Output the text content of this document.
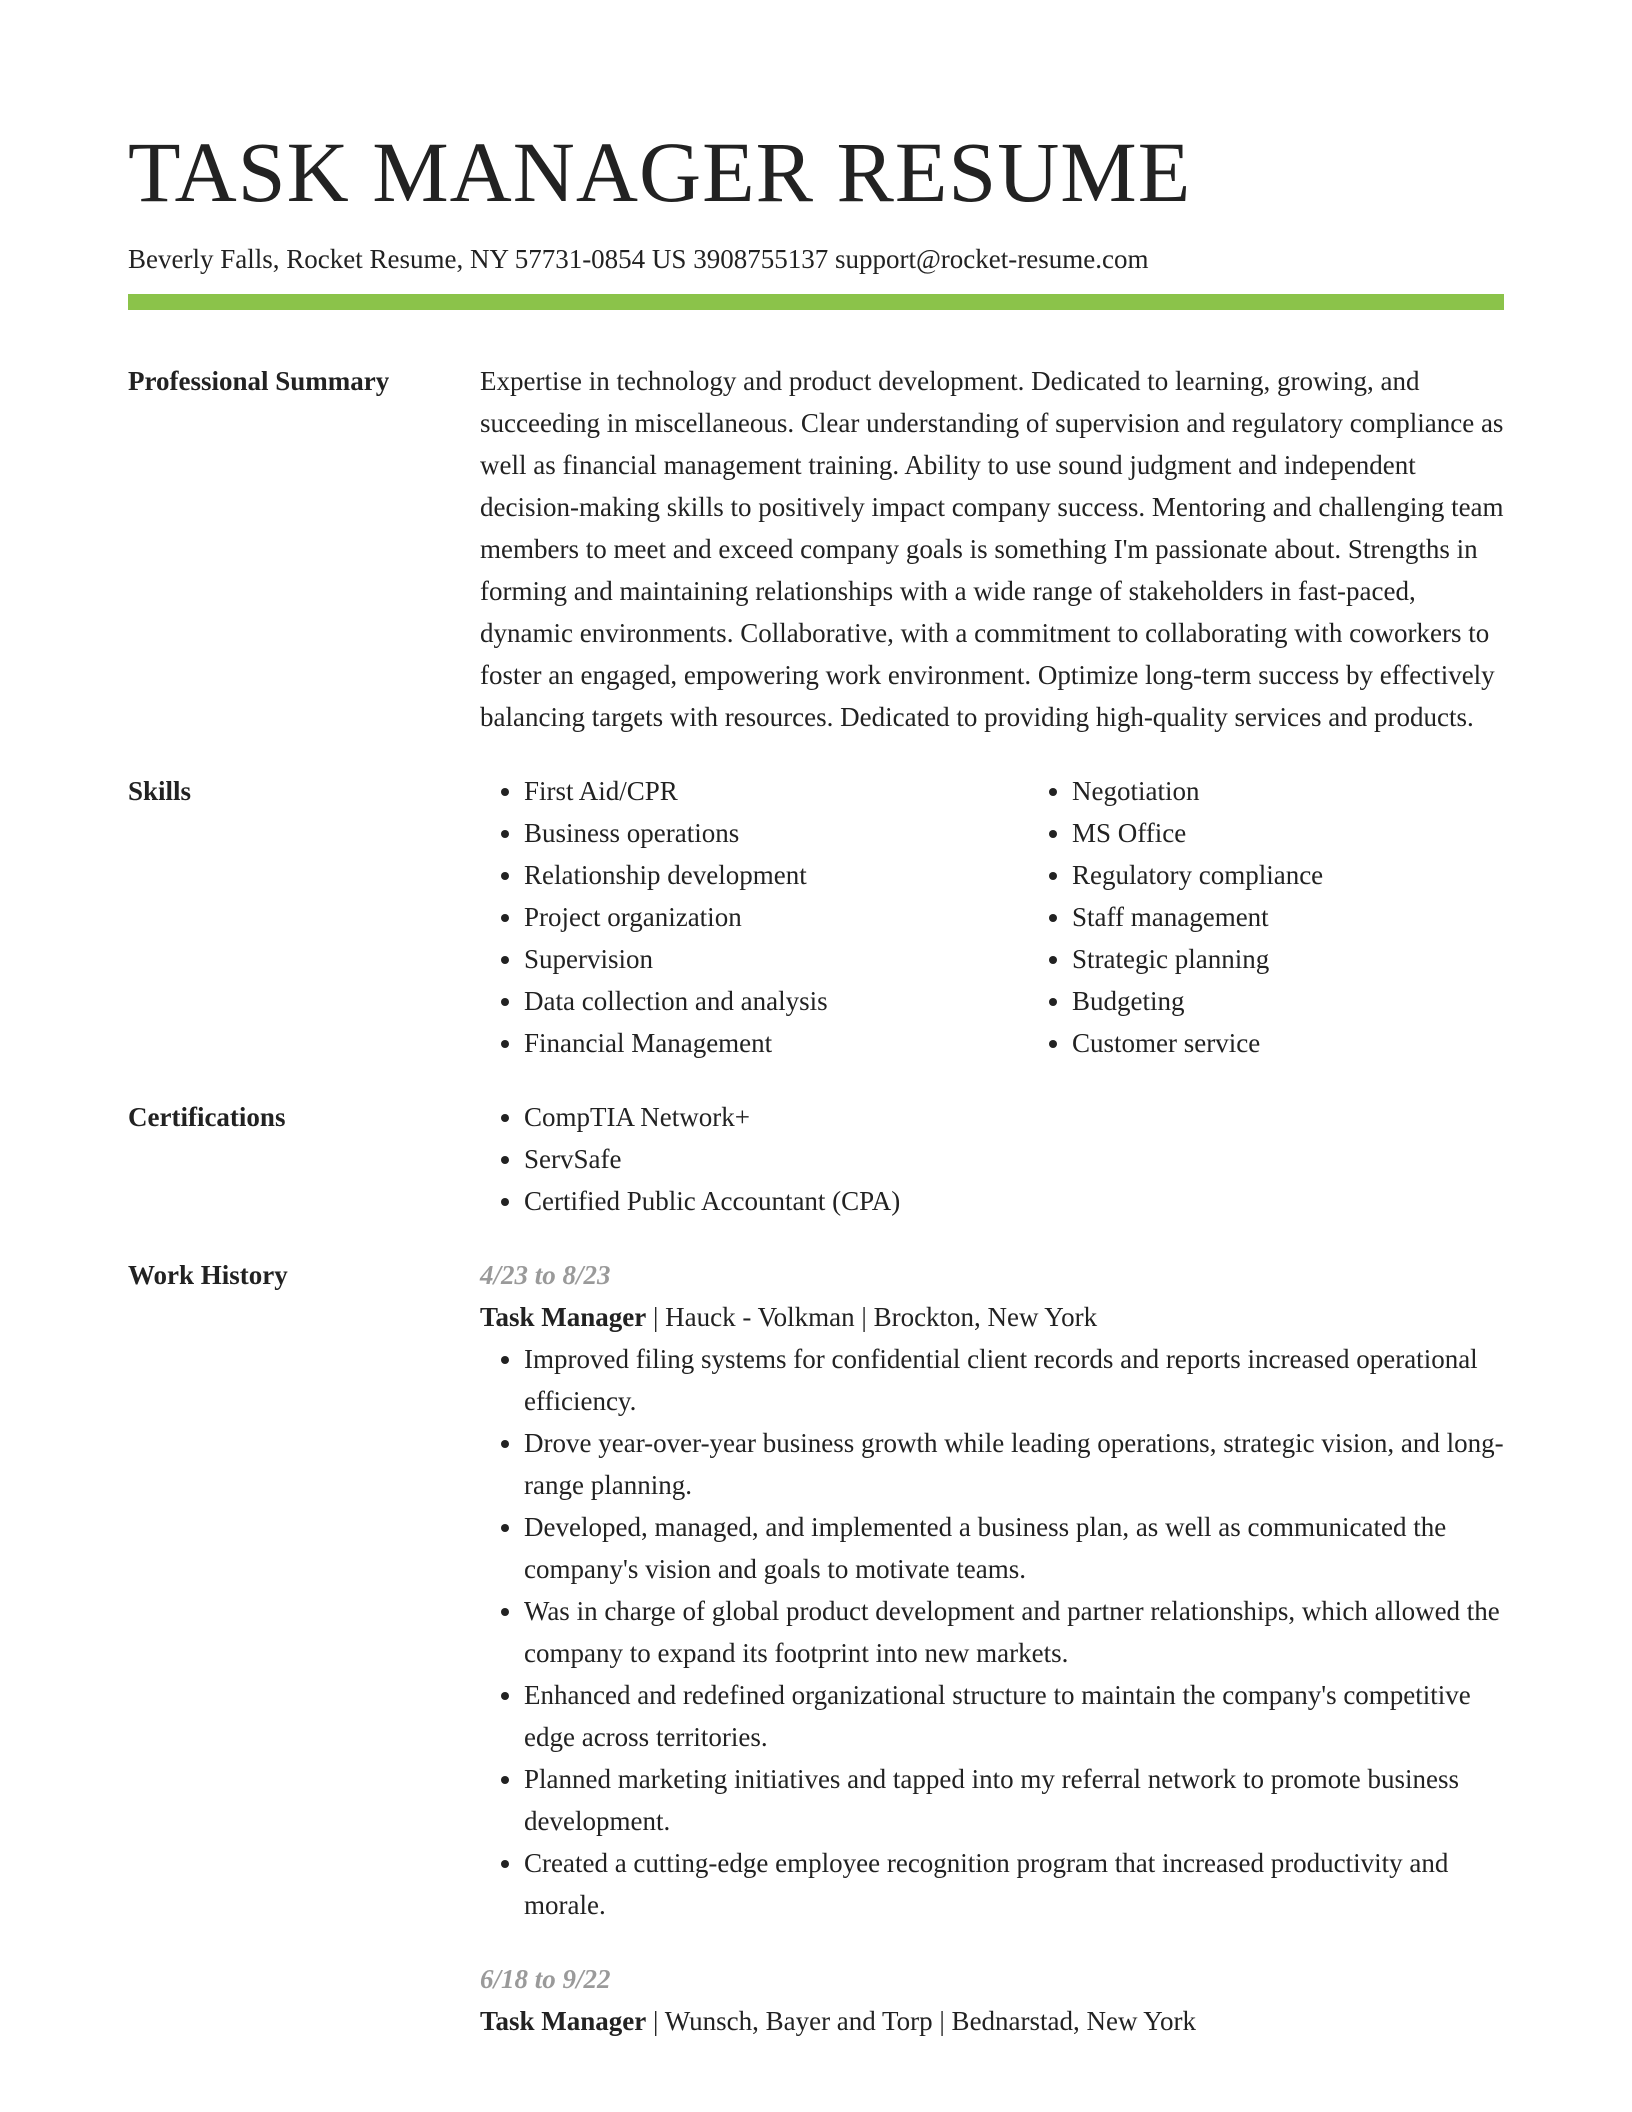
TASK MANAGER RESUME
Beverly Falls, Rocket Resume, NY 57731-0854 US 3908755137 support@rocket-resume.com
Professional Summary	Expertise in technology and product development. Dedicated to learning, growing, and succeeding in miscellaneous. Clear understanding of supervision and regulatory compliance as well as financial management training. Ability to use sound judgment and independent decision-making skills to positively impact company success. Mentoring and challenging team members to meet and exceed company goals is something I'm passionate about. Strengths in forming and maintaining relationships with a wide range of stakeholders in fast-paced, dynamic environments. Collaborative, with a commitment to collaborating with coworkers to foster an engaged, empowering work environment. Optimize long-term success by effectively balancing targets with resources. Dedicated to providing high-quality services and products.

Skills	• First Aid/CPR
• Business operations
• Relationship development
• Project organization
• Supervision
• Data collection and analysis
• Financial Management
• Negotiation
• MS Office
• Regulatory compliance
• Staff management
• Strategic planning
• Budgeting
• Customer service
Certifications	• CompTIA Network+
• ServSafe
• Certified Public Accountant (CPA)
Work History	4/23 to 8/23
Task Manager | Hauck - Volkman | Brockton, New York
• Improved filing systems for confidential client records and reports increased operational efficiency.
• Drove year-over-year business growth while leading operations, strategic vision, and long-range planning.
• Developed, managed, and implemented a business plan, as well as communicated the company's vision and goals to motivate teams.
• Was in charge of global product development and partner relationships, which allowed the company to expand its footprint into new markets.
• Enhanced and redefined organizational structure to maintain the company's competitive edge across territories.
• Planned marketing initiatives and tapped into my referral network to promote business development.
• Created a cutting-edge employee recognition program that increased productivity and morale.
6/18 to 9/22
Task Manager | Wunsch, Bayer and Torp | Bednarstad, New York
